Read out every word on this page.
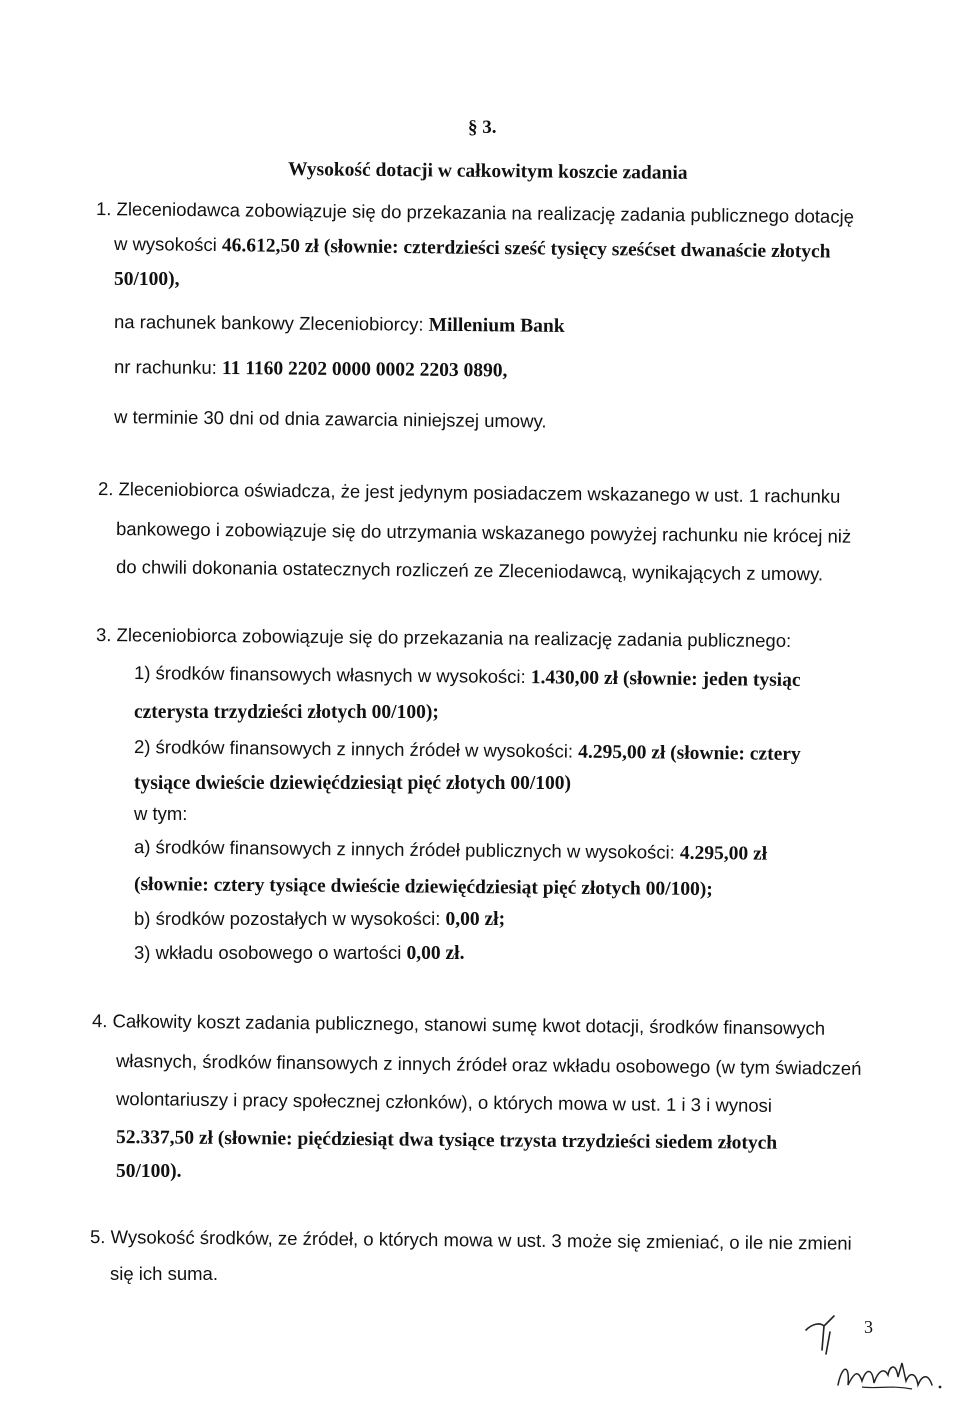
§ 3.
Wysokość dotacji w całkowitym koszcie zadania
1. Zleceniodawca zobowiązuje się do przekazania na realizację zadania publicznego dotację
w wysokości 46.612,50 zł (słownie: czterdzieści sześć tysięcy sześćset dwanaście złotych
50/100),
na rachunek bankowy Zleceniobiorcy: Millenium Bank
nr rachunku: 11 1160 2202 0000 0002 2203 0890,
w terminie 30 dni od dnia zawarcia niniejszej umowy.
2. Zleceniobiorca oświadcza, że jest jedynym posiadaczem wskazanego w ust. 1 rachunku
bankowego i zobowiązuje się do utrzymania wskazanego powyżej rachunku nie krócej niż
do chwili dokonania ostatecznych rozliczeń ze Zleceniodawcą, wynikających z umowy.
3. Zleceniobiorca zobowiązuje się do przekazania na realizację zadania publicznego:
1) środków finansowych własnych w wysokości: 1.430,00 zł (słownie: jeden tysiąc
czterysta trzydzieści złotych 00/100);
2) środków finansowych z innych źródeł w wysokości: 4.295,00 zł (słownie: cztery
tysiące dwieście dziewięćdziesiąt pięć złotych 00/100)
w tym:
a) środków finansowych z innych źródeł publicznych w wysokości: 4.295,00 zł
(słownie: cztery tysiące dwieście dziewięćdziesiąt pięć złotych 00/100);
b) środków pozostałych w wysokości: 0,00 zł;
3) wkładu osobowego o wartości 0,00 zł.
4. Całkowity koszt zadania publicznego, stanowi sumę kwot dotacji, środków finansowych
własnych, środków finansowych z innych źródeł oraz wkładu osobowego (w tym świadczeń
wolontariuszy i pracy społecznej członków), o których mowa w ust. 1 i 3 i wynosi
52.337,50 zł (słownie: pięćdziesiąt dwa tysiące trzysta trzydzieści siedem złotych
50/100).
5. Wysokość środków, ze źródeł, o których mowa w ust. 3 może się zmieniać, o ile nie zmieni
się ich suma.
3
